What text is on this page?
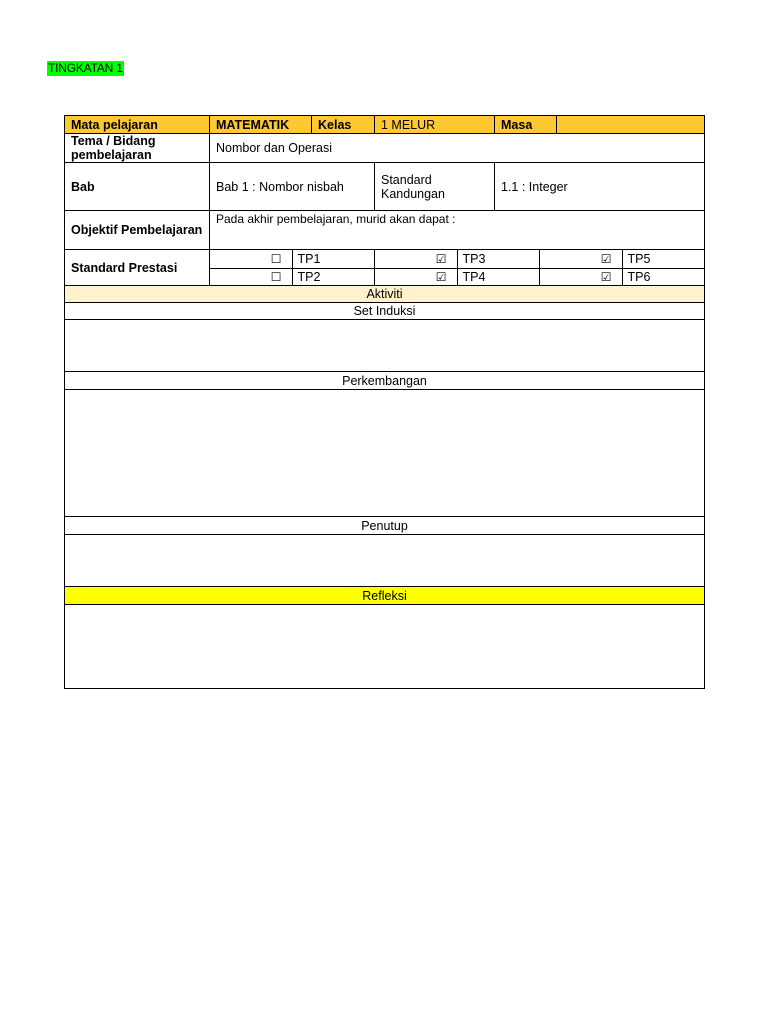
TINGKATAN 1
Mata pelajaran	MATEMATIK	Kelas	1 MELUR	Masa	
Tema / Bidang pembelajaran	Nombor dan Operasi
Bab	Bab 1 : Nombor nisbah	Standard Kandungan	1.1 : Integer
Objektif Pembelajaran	Pada akhir pembelajaran, murid akan dapat :
Standard Prestasi	
☐	TP1	☑	TP3	☑	TP5
☐	TP2	☑	TP4	☑	TP6

Aktiviti
Set Induksi

Perkembangan

Penutup

Refleksi
